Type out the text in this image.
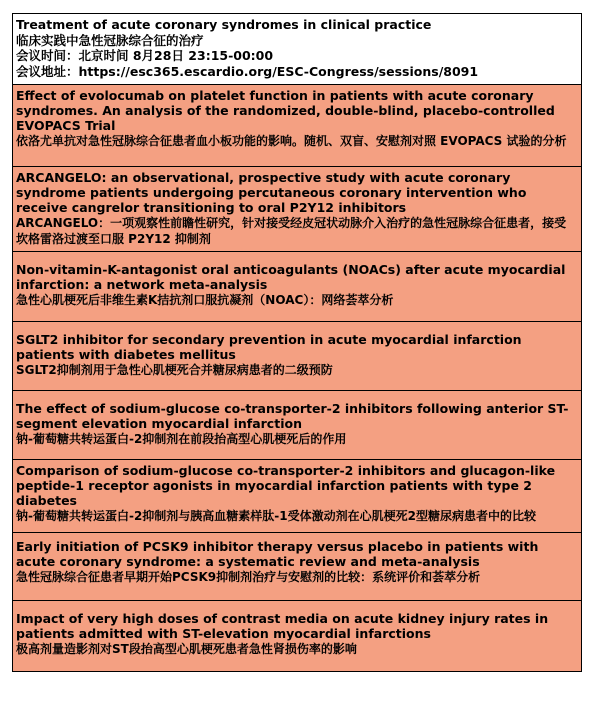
Treatment of acute coronary syndromes in clinical practice
临床实践中急性冠脉综合征的治疗
会议时间：北京时间 8月28日 23:15-00:00
会议地址：https://esc365.escardio.org/ESC-Congress/sessions/8091
Effect of evolocumab on platelet function in patients with acute coronary syndromes. An analysis of the randomized, double-blind, placebo-controlled EVOPACS Trial
依洛尤单抗对急性冠脉综合征患者血小板功能的影响。随机、双盲、安慰剂对照 EVOPACS 试验的分析
ARCANGELO: an observational, prospective study with acute coronary syndrome patients undergoing percutaneous coronary intervention who receive cangrelor transitioning to oral P2Y12 inhibitors
ARCANGELO：一项观察性前瞻性研究，针对接受经皮冠状动脉介入治疗的急性冠脉综合征患者，接受坎格雷洛过渡至口服 P2Y12 抑制剂
Non-vitamin-K-antagonist oral anticoagulants (NOACs) after acute myocardial infarction: a network meta-analysis
急性心肌梗死后非维生素K拮抗剂口服抗凝剂（NOAC）：网络荟萃分析
SGLT2 inhibitor for secondary prevention in acute myocardial infarction patients with diabetes mellitus
SGLT2抑制剂用于急性心肌梗死合并糖尿病患者的二级预防
The effect of sodium-glucose co-transporter-2 inhibitors following anterior ST-segment elevation myocardial infarction
钠-葡萄糖共转运蛋白-2抑制剂在前段抬高型心肌梗死后的作用
Comparison of sodium-glucose co-transporter-2 inhibitors and glucagon-like peptide-1 receptor agonists in myocardial infarction patients with type 2 diabetes
钠-葡萄糖共转运蛋白-2抑制剂与胰高血糖素样肽-1受体激动剂在心肌梗死2型糖尿病患者中的比较
Early initiation of PCSK9 inhibitor therapy versus placebo in patients with acute coronary syndrome: a systematic review and meta-analysis
急性冠脉综合征患者早期开始PCSK9抑制剂治疗与安慰剂的比较：系统评价和荟萃分析
Impact of very high doses of contrast media on acute kidney injury rates in patients admitted with ST-elevation myocardial infarctions
极高剂量造影剂对ST段抬高型心肌梗死患者急性肾损伤率的影响
